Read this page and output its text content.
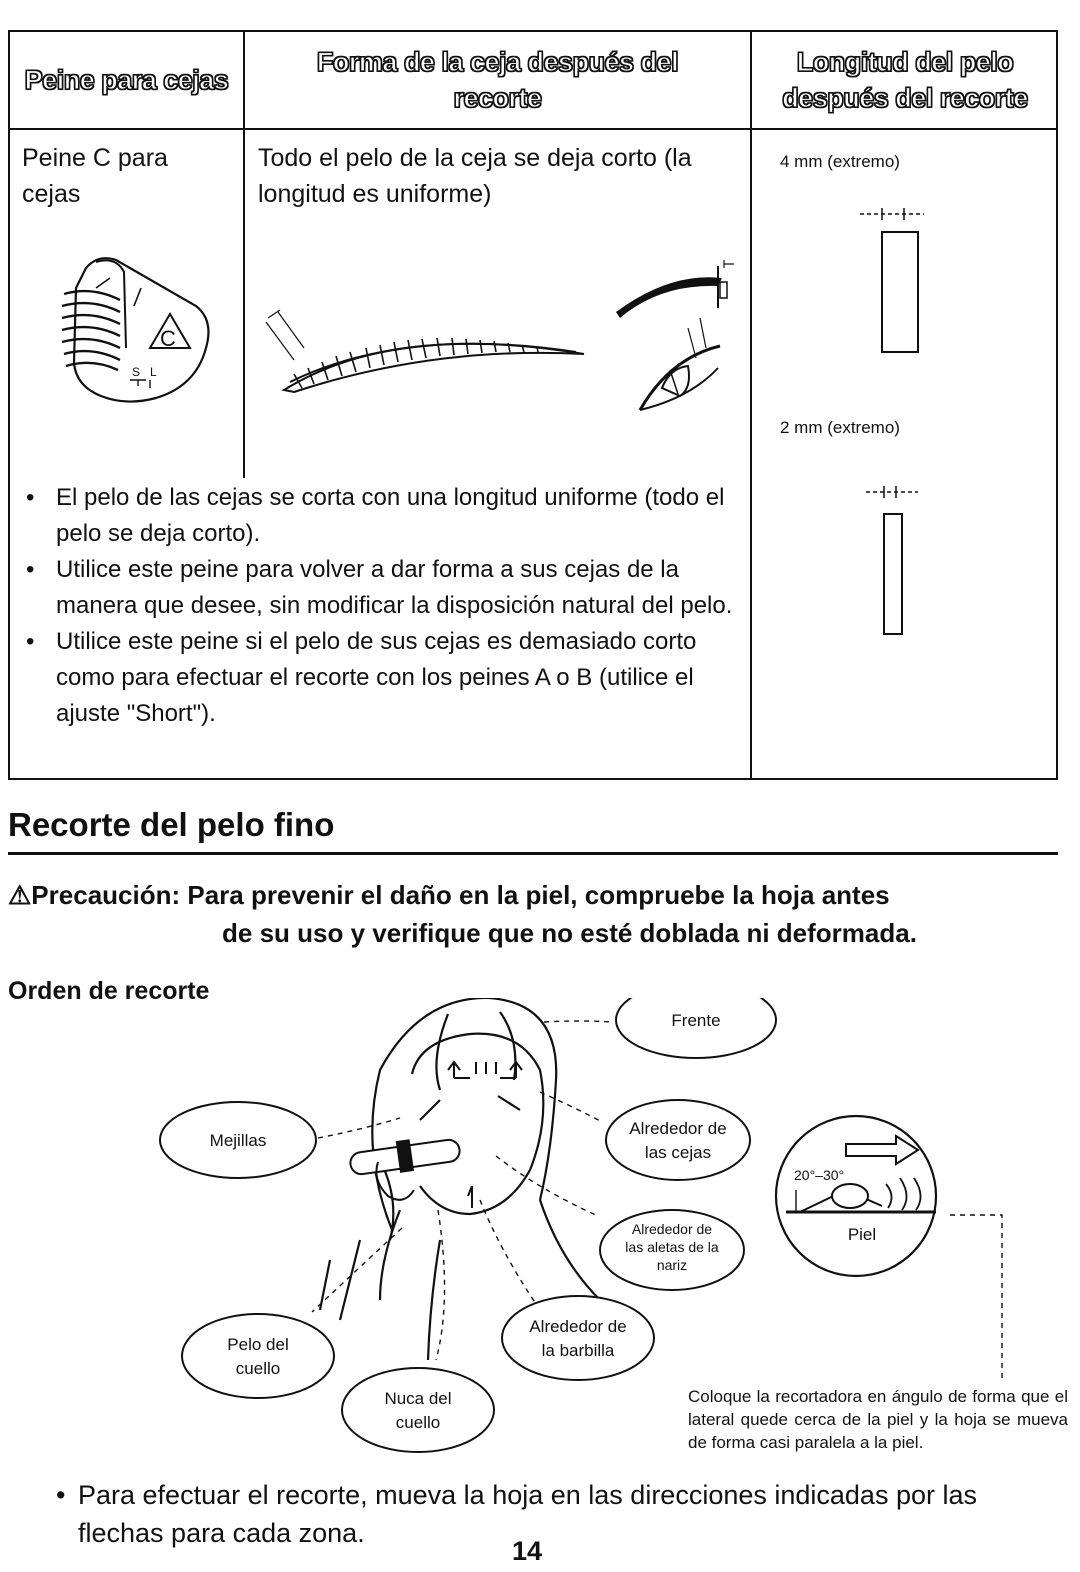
Peine para cejas
Forma de la ceja después del recorte
Longitud del pelo después del recorte
Peine C para cejas
Todo el pelo de la ceja se deja corto (la longitud es uniforme)
4 mm (extremo)
2 mm (extremo)
C
S L
• El pelo de las cejas se corta con una longitud uniforme (todo el pelo se deja corto).
• Utilice este peine para volver a dar forma a sus cejas de la manera que desee, sin modificar la disposición natural del pelo.
• Utilice este peine si el pelo de sus cejas es demasiado corto como para efectuar el recorte con los peines A o B (utilice el ajuste "Short").
Recorte del pelo fino
⚠Precaución: Para prevenir el daño en la piel, compruebe la hoja antes
de su uso y verifique que no esté doblada ni deformada.
Orden de recorte
Frente
Mejillas
Alrededor de
las cejas
Alrededor de
las aletas de la
nariz
Alrededor de
la barbilla
Pelo del
cuello
Nuca del
cuello
20°–30°
Piel
Coloque la recortadora en ángulo de forma que el lateral quede cerca de la piel y la hoja se mueva de forma casi paralela a la piel.
• Para efectuar el recorte, mueva la hoja en las direcciones indicadas por las flechas para cada zona.
14
